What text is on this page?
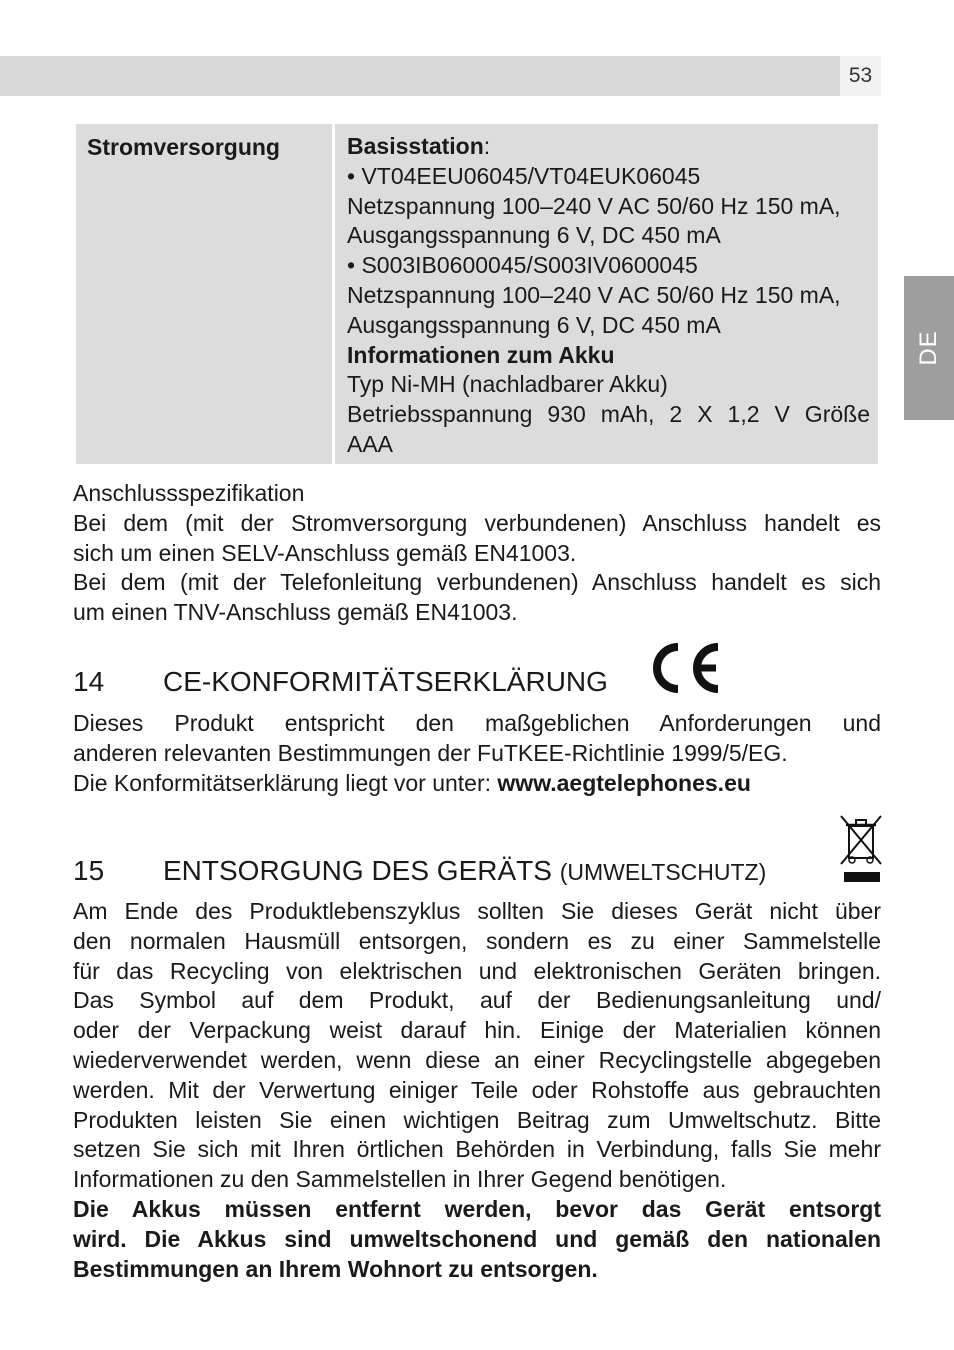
53
DE
Stromversorgung	Basisstation:
• VT04EEU06045/VT04EUK06045
Netzspannung 100–240 V AC 50/60 Hz 150 mA,
Ausgangsspannung 6 V, DC 450 mA
• S003IB0600045/S003IV0600045
Netzspannung 100–240 V AC 50/60 Hz 150 mA,
Ausgangsspannung 6 V, DC 450 mA
Informationen zum Akku
Typ Ni-MH (nachladbarer Akku)
Betriebsspannung 930 mAh, 2 X 1,2 V Größe
AAA
Anschlussspezifikation
Bei dem (mit der Stromversorgung verbundenen) Anschluss handelt es
sich um einen SELV-Anschluss gemäß EN41003.
Bei dem (mit der Telefonleitung verbundenen) Anschluss handelt es sich
um einen TNV-Anschluss gemäß EN41003.
14 CE-KONFORMITÄTSERKLÄRUNG
Dieses Produkt entspricht den maßgeblichen Anforderungen und
anderen relevanten Bestimmungen der FuTKEE-Richtlinie 1999/5/EG.
Die Konformitätserklärung liegt vor unter: www.aegtelephones.eu
15 ENTSORGUNG DES GERÄTS (UMWELTSCHUTZ)
Am Ende des Produktlebenszyklus sollten Sie dieses Gerät nicht über
den normalen Hausmüll entsorgen, sondern es zu einer Sammelstelle
für das Recycling von elektrischen und elektronischen Geräten bringen.
Das Symbol auf dem Produkt, auf der Bedienungsanleitung und/
oder der Verpackung weist darauf hin. Einige der Materialien können
wiederverwendet werden, wenn diese an einer Recyclingstelle abgegeben
werden. Mit der Verwertung einiger Teile oder Rohstoffe aus gebrauchten
Produkten leisten Sie einen wichtigen Beitrag zum Umweltschutz. Bitte
setzen Sie sich mit Ihren örtlichen Behörden in Verbindung, falls Sie mehr
Informationen zu den Sammelstellen in Ihrer Gegend benötigen.
Die Akkus müssen entfernt werden, bevor das Gerät entsorgt
wird. Die Akkus sind umweltschonend und gemäß den nationalen
Bestimmungen an Ihrem Wohnort zu entsorgen.
